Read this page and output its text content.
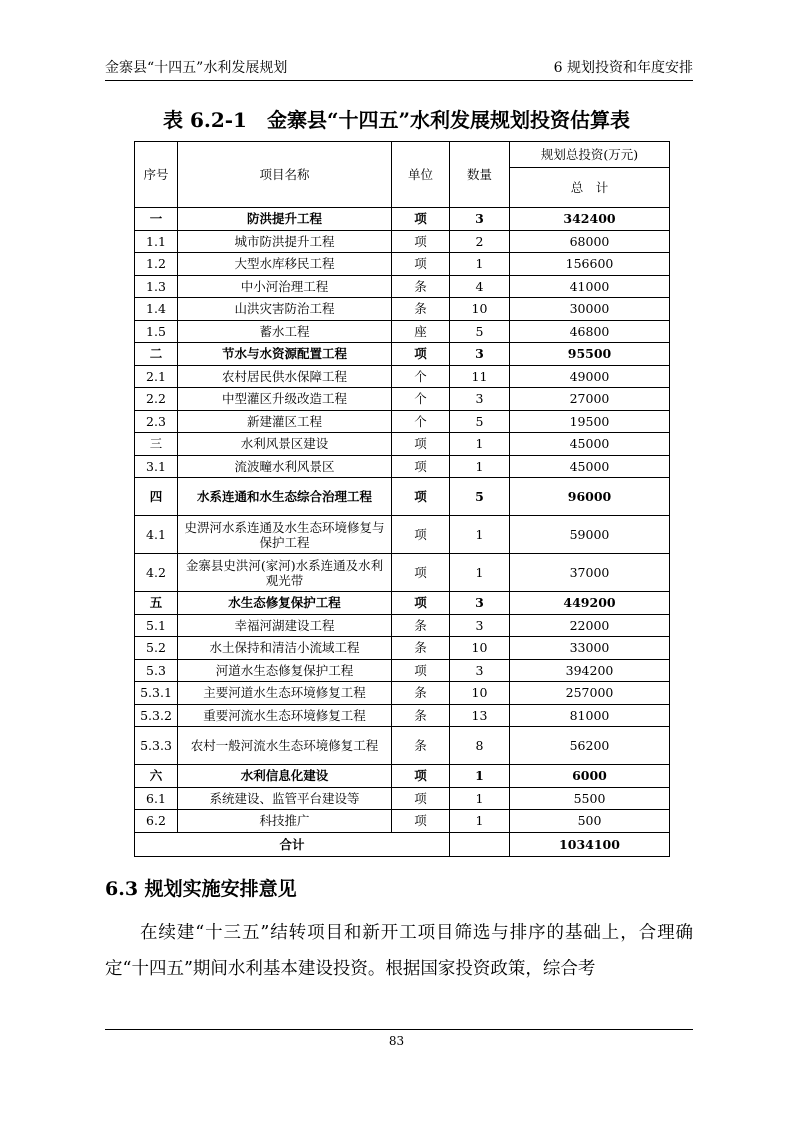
金寨县“十四五”水利发展规划	6 规划投资和年度安排
表 6.2-1　金寨县“十四五”水利发展规划投资估算表
序号	项目名称	单位	数量	规划总投资(万元)
				总　计
一	防洪提升工程	项	3	342400
1.1	城市防洪提升工程	项	2	68000
1.2	大型水库移民工程	项	1	156600
1.3	中小河治理工程	条	4	41000
1.4	山洪灾害防治工程	条	10	30000
1.5	蓄水工程	座	5	46800
二	节水与水资源配置工程	项	3	95500
2.1	农村居民供水保障工程	个	11	49000
2.2	中型灌区升级改造工程	个	3	27000
2.3	新建灌区工程	个	5	19500
三	水利风景区建设	项	1	45000
3.1	流波疃水利风景区	项	1	45000
四	水系连通和水生态综合治理工程	项	5	96000
4.1	史淠河水系连通及水生态环境修复与保护工程	项	1	59000
4.2	金寨县史洪河(家河)水系连通及水利观光带	项	1	37000
五	水生态修复保护工程	项	3	449200
5.1	幸福河湖建设工程	条	3	22000
5.2	水土保持和清洁小流域工程	条	10	33000
5.3	河道水生态修复保护工程	项	3	394200
5.3.1	主要河道水生态环境修复工程	条	10	257000
5.3.2	重要河流水生态环境修复工程	条	13	81000
5.3.3	农村一般河流水生态环境修复工程	条	8	56200
六	水利信息化建设	项	1	6000
6.1	系统建设、监管平台建设等	项	1	5500
6.2	科技推广	项	1	500
合计				1034100
6.3 规划实施安排意见
在续建“十三五”结转项目和新开工项目筛选与排序的基础上，合理确定“十四五”期间水利基本建设投资。根据国家投资政策，综合考
83
